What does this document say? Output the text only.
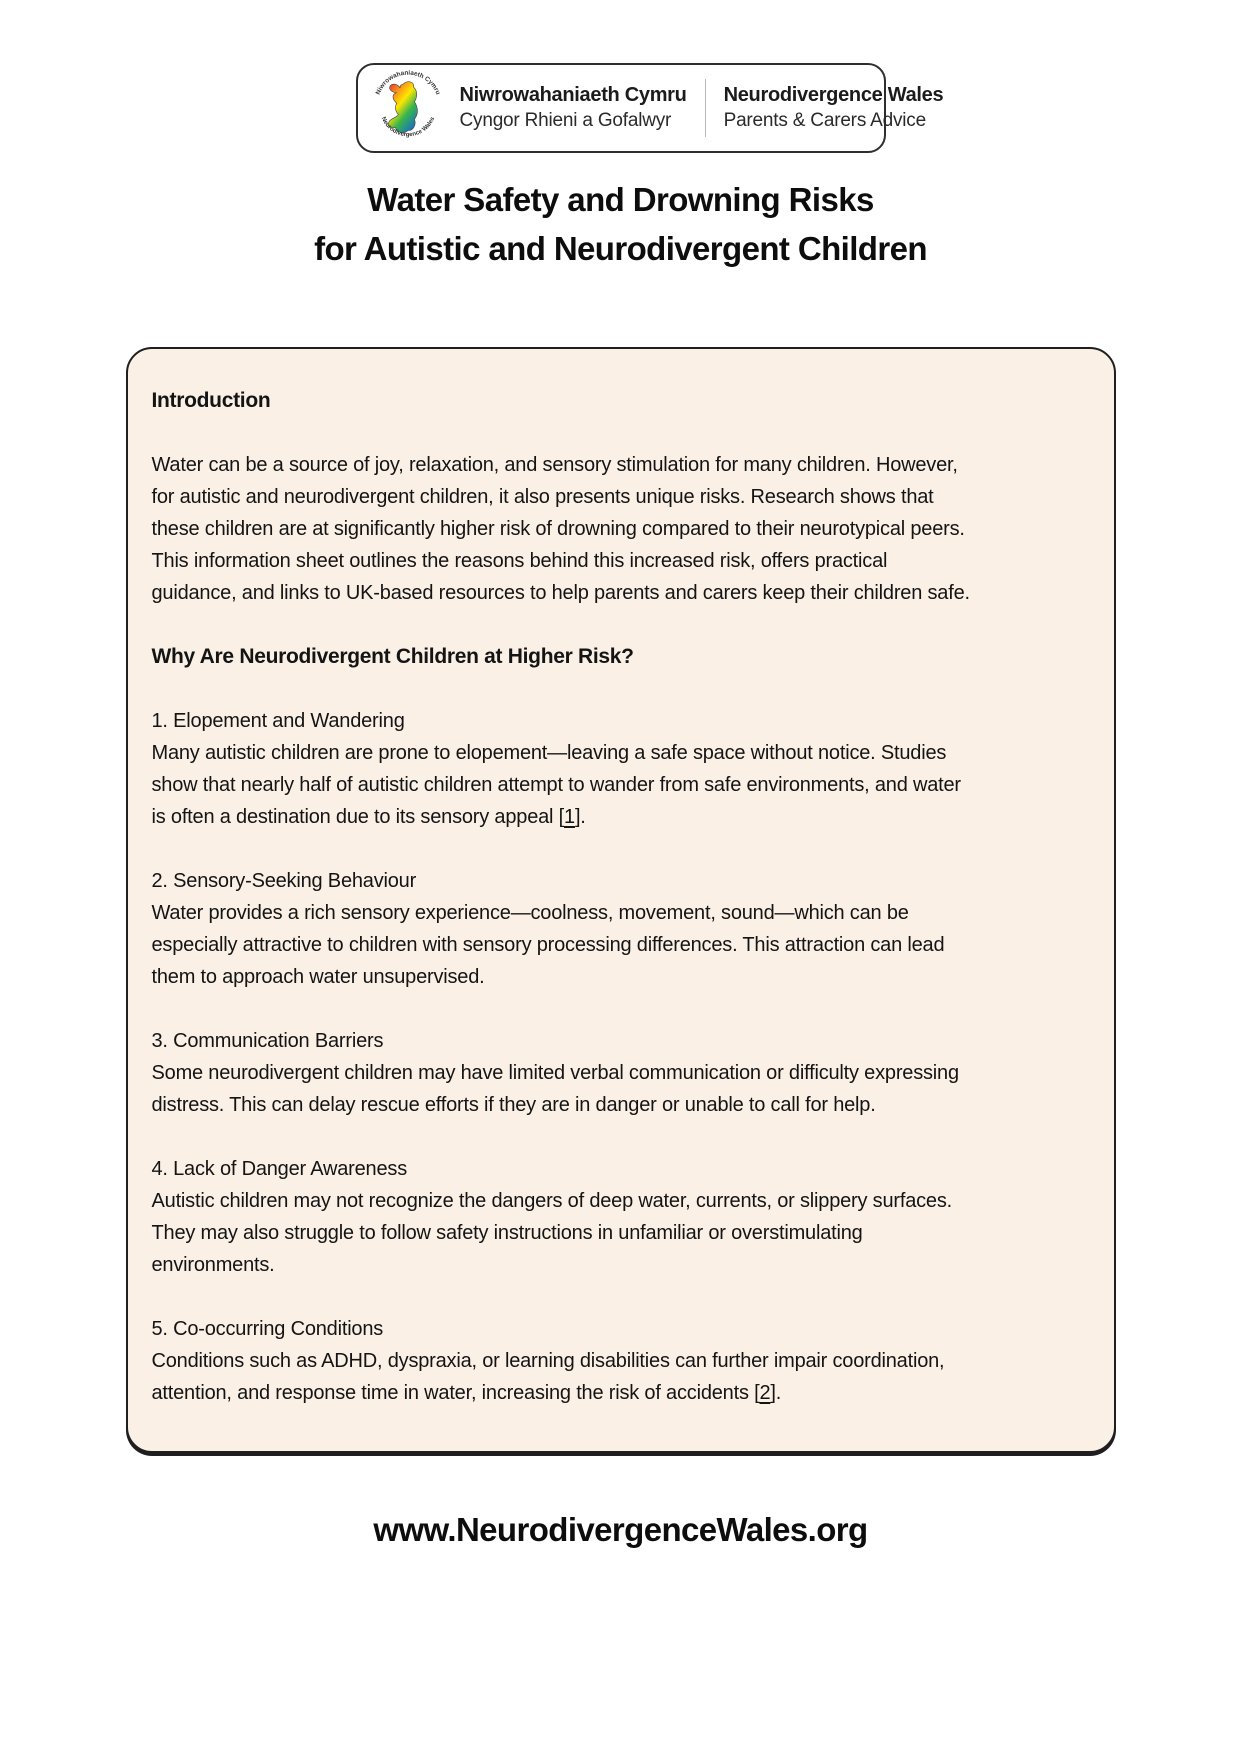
Niwrowahaniaeth Cymru
Neurodivergence Wales
Niwrowahaniaeth Cymru
Cyngor Rhieni a Gofalwyr
Neurodivergence Wales
Parents & Carers Advice
Water Safety and Drowning Risks
for Autistic and Neurodivergent Children

Introduction

Water can be a source of joy, relaxation, and sensory stimulation for many children. However, for autistic and neurodivergent children, it also presents unique risks. Research shows that these children are at significantly higher risk of drowning compared to their neurotypical peers. This information sheet outlines the reasons behind this increased risk, offers practical guidance, and links to UK-based resources to help parents and carers keep their children safe.

Why Are Neurodivergent Children at Higher Risk?

1. Elopement and Wandering

Many autistic children are prone to elopement—leaving a safe space without notice. Studies show that nearly half of autistic children attempt to wander from safe environments, and water is often a destination due to its sensory appeal [1].

2. Sensory-Seeking Behaviour

Water provides a rich sensory experience—coolness, movement, sound—which can be especially attractive to children with sensory processing differences. This attraction can lead them to approach water unsupervised.

3. Communication Barriers

Some neurodivergent children may have limited verbal communication or difficulty expressing distress. This can delay rescue efforts if they are in danger or unable to call for help.

4. Lack of Danger Awareness

Autistic children may not recognize the dangers of deep water, currents, or slippery surfaces. They may also struggle to follow safety instructions in unfamiliar or overstimulating environments.

5. Co-occurring Conditions

Conditions such as ADHD, dyspraxia, or learning disabilities can further impair coordination, attention, and response time in water, increasing the risk of accidents [2].

www.NeurodivergenceWales.org
